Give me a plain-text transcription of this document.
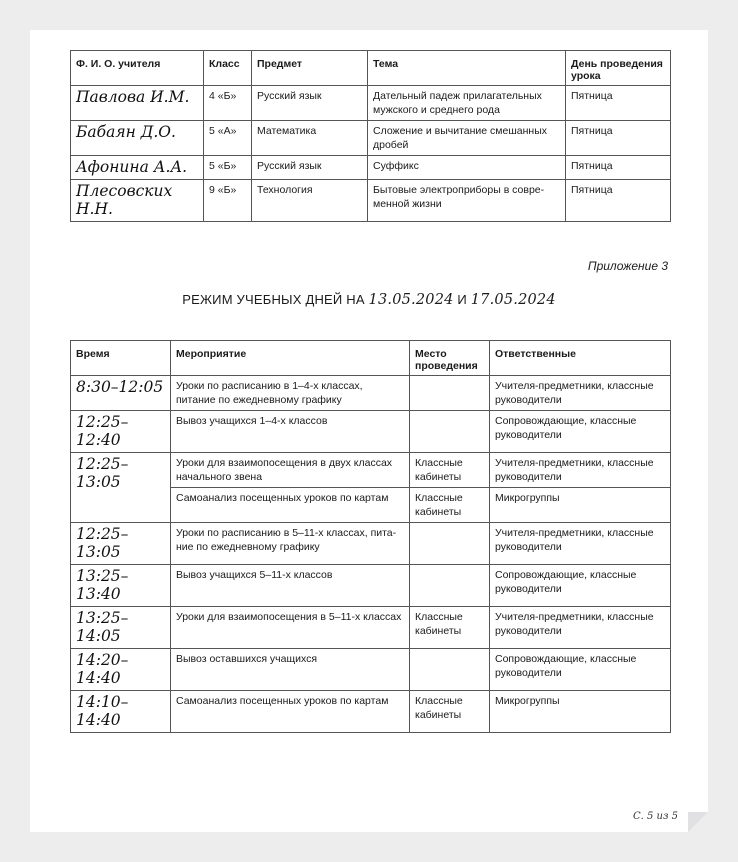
Ф. И. О. учителя	Класс	Предмет	Тема	День проведения урока
Павлова И.М.	4 «Б»	Русский язык	Дательный падеж прилагательных мужского и среднего рода	Пятница
Бабаян Д.О.	5 «А»	Математика	Сложение и вычитание смешанных дробей	Пятница
Афонина А.А.	5 «Б»	Русский язык	Суффикс	Пятница
Плесовских Н.Н.	9 «Б»	Технология	Бытовые электроприборы в совре-менной жизни	Пятница
Приложение 3
РЕЖИМ УЧЕБНЫХ ДНЕЙ НА 13.05.2024 И 17.05.2024
Время	Мероприятие	Место проведения	Ответственные
8:30–12:05	Уроки по расписанию в 1–4-х классах, питание по ежедневному графику		Учителя-предметники, классные руководители
12:25–12:40	Вывоз учащихся 1–4-х классов		Сопровождающие, классные руководители
12:25–13:05	Уроки для взаимопосещения в двух классах начального звена	Классные кабинеты	Учителя-предметники, классные руководители
	Самоанализ посещенных уроков по картам	Классные кабинеты	Микрогруппы
12:25–13:05	Уроки по расписанию в 5–11-х классах, пита-ние по ежедневному графику		Учителя-предметники, классные руководители
13:25–13:40	Вывоз учащихся 5–11-х классов		Сопровождающие, классные руководители
13:25–14:05	Уроки для взаимопосещения в 5–11-х классах	Классные кабинеты	Учителя-предметники, классные руководители
14:20–14:40	Вывоз оставшихся учащихся		Сопровождающие, классные руководители
14:10–14:40	Самоанализ посещенных уроков по картам	Классные кабинеты	Микрогруппы
С. 5 из 5
